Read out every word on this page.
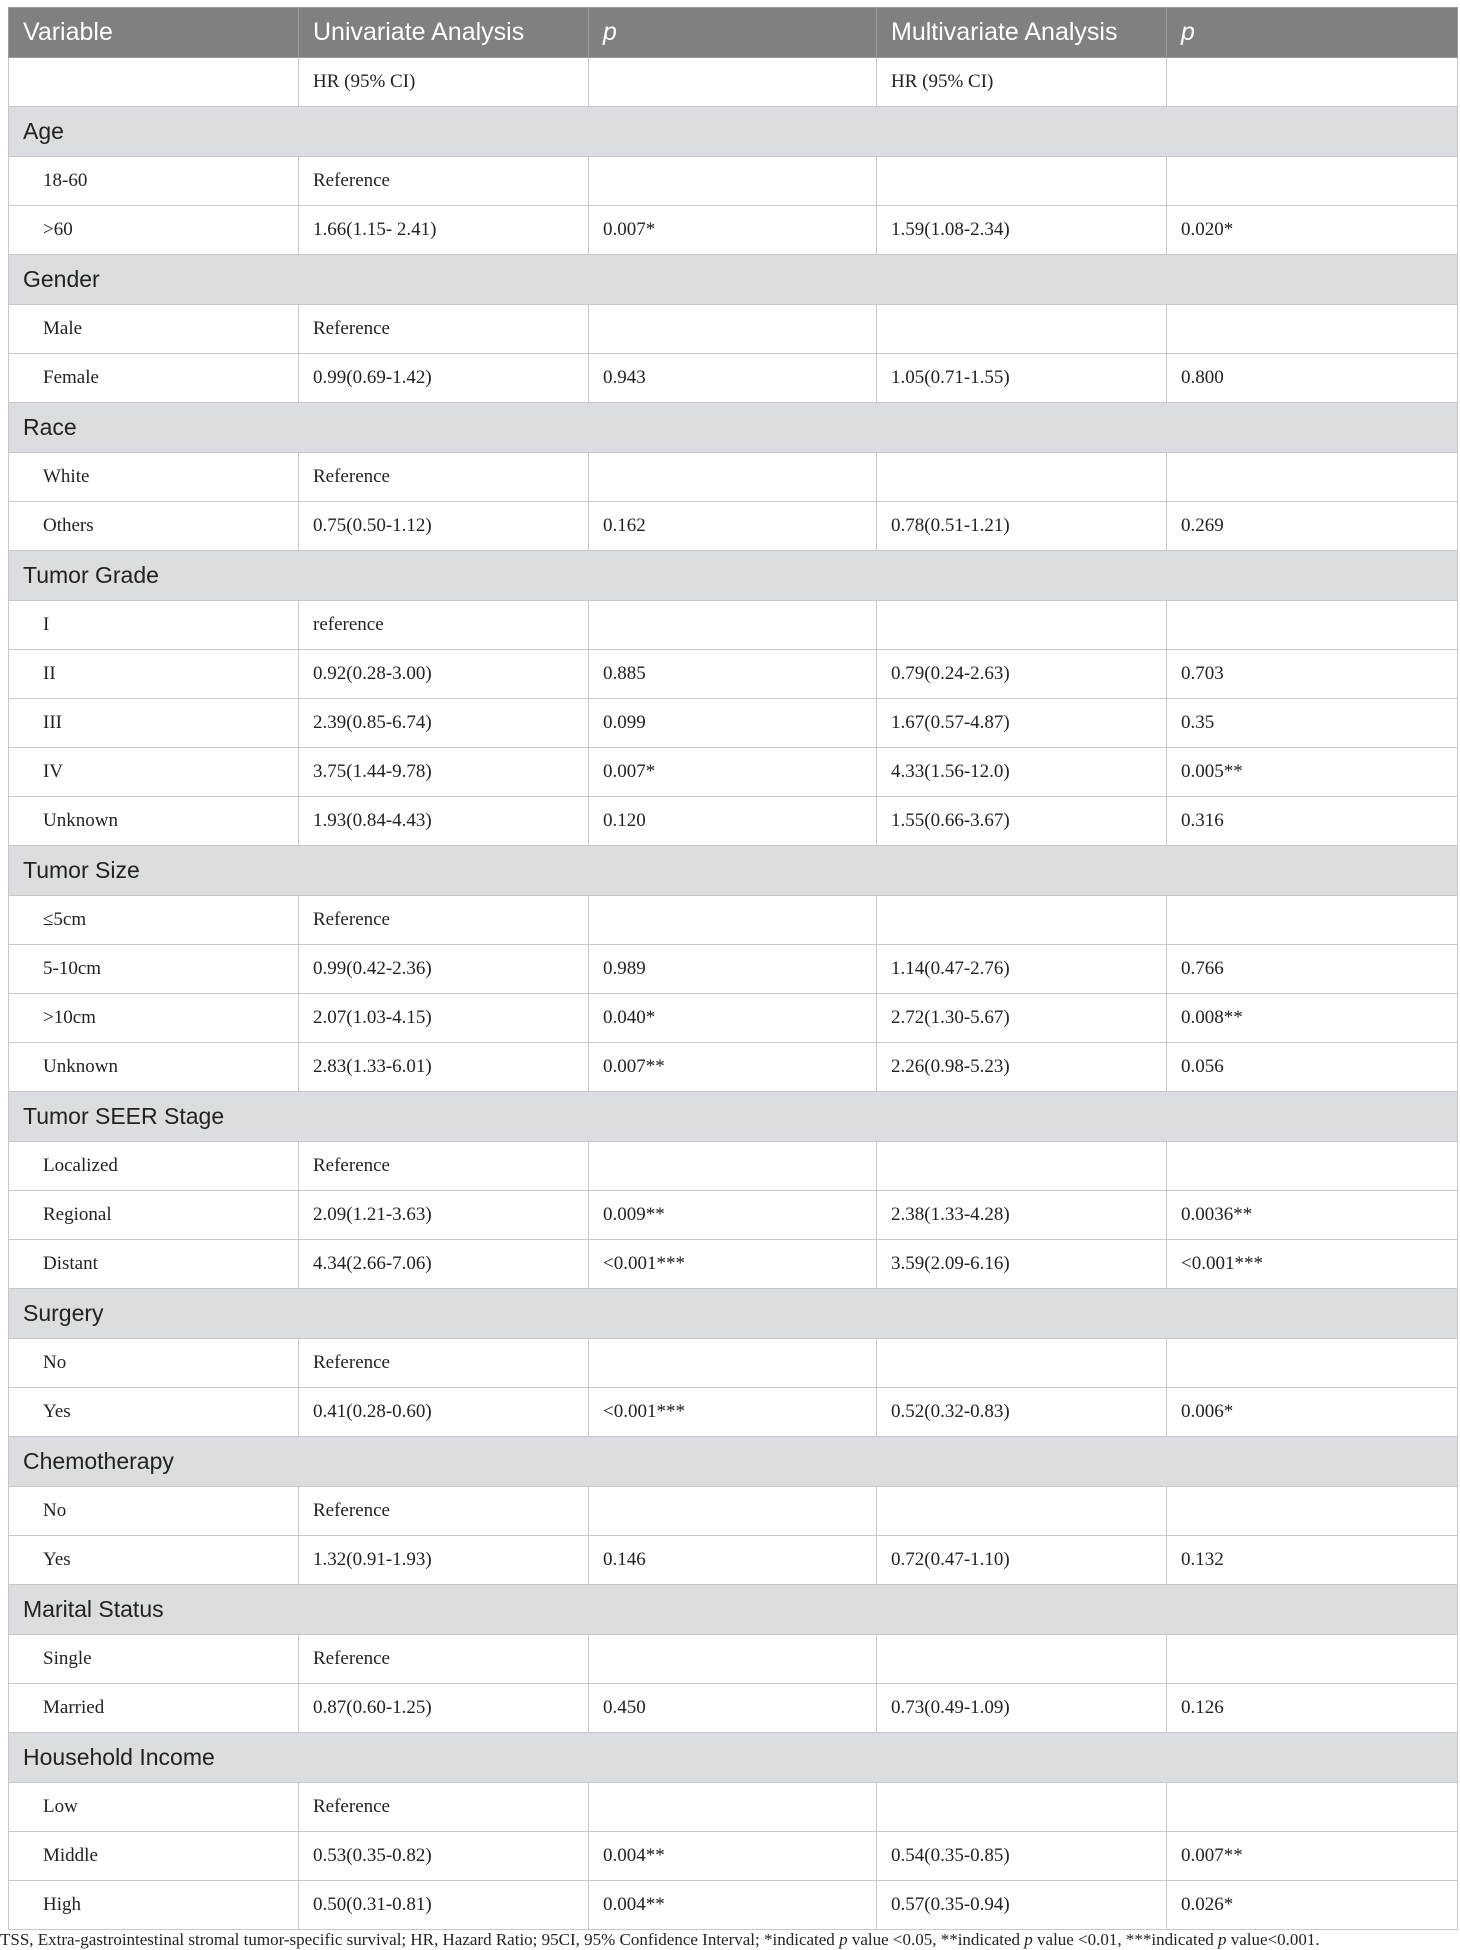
Variable	Univariate Analysis	p	Multivariate Analysis	p
	HR (95% CI)		HR (95% CI)	
Age				
18-60	Reference			
>60	1.66(1.15- 2.41)	0.007*	1.59(1.08-2.34)	0.020*
Gender				
Male	Reference			
Female	0.99(0.69-1.42)	0.943	1.05(0.71-1.55)	0.800
Race				
White	Reference			
Others	0.75(0.50-1.12)	0.162	0.78(0.51-1.21)	0.269
Tumor Grade				
I	reference			
II	0.92(0.28-3.00)	0.885	0.79(0.24-2.63)	0.703
III	2.39(0.85-6.74)	0.099	1.67(0.57-4.87)	0.35
IV	3.75(1.44-9.78)	0.007*	4.33(1.56-12.0)	0.005**
Unknown	1.93(0.84-4.43)	0.120	1.55(0.66-3.67)	0.316
Tumor Size				
≤5cm	Reference			
5-10cm	0.99(0.42-2.36)	0.989	1.14(0.47-2.76)	0.766
>10cm	2.07(1.03-4.15)	0.040*	2.72(1.30-5.67)	0.008**
Unknown	2.83(1.33-6.01)	0.007**	2.26(0.98-5.23)	0.056
Tumor SEER Stage				
Localized	Reference			
Regional	2.09(1.21-3.63)	0.009**	2.38(1.33-4.28)	0.0036**
Distant	4.34(2.66-7.06)	<0.001***	3.59(2.09-6.16)	<0.001***
Surgery				
No	Reference			
Yes	0.41(0.28-0.60)	<0.001***	0.52(0.32-0.83)	0.006*
Chemotherapy				
No	Reference			
Yes	1.32(0.91-1.93)	0.146	0.72(0.47-1.10)	0.132
Marital Status				
Single	Reference			
Married	0.87(0.60-1.25)	0.450	0.73(0.49-1.09)	0.126
Household Income				
Low	Reference			
Middle	0.53(0.35-0.82)	0.004**	0.54(0.35-0.85)	0.007**
High	0.50(0.31-0.81)	0.004**	0.57(0.35-0.94)	0.026*
TSS, Extra-gastrointestinal stromal tumor-specific survival; HR, Hazard Ratio; 95CI, 95% Confidence Interval; *indicated p value <0.05, **indicated p value <0.01, ***indicated p value<0.001.
